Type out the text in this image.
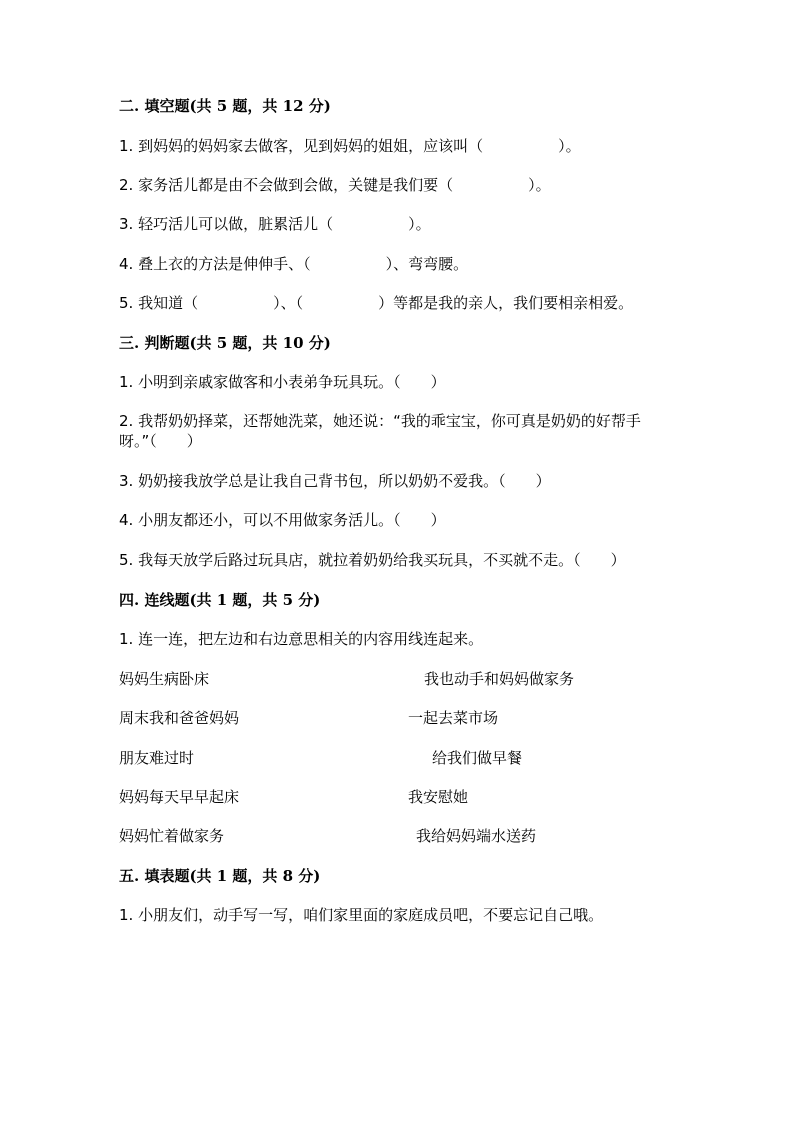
二. 填空题(共 5 题，共 12 分)
1. 到妈妈的妈妈家去做客，见到妈妈的姐姐，应该叫（　　　　　）。
2. 家务活儿都是由不会做到会做，关键是我们要（　　　　　）。
3. 轻巧活儿可以做，脏累活儿（　　　　　）。
4. 叠上衣的方法是伸伸手、（　　　　　）、弯弯腰。
5. 我知道（　　　　　）、（　　　　　）等都是我的亲人，我们要相亲相爱。
三. 判断题(共 5 题，共 10 分)
1. 小明到亲戚家做客和小表弟争玩具玩。（　　）
2. 我帮奶奶择菜，还帮她洗菜，她还说：“我的乖宝宝，你可真是奶奶的好帮手呀。”（　　）
3. 奶奶接我放学总是让我自己背书包，所以奶奶不爱我。（　　）
4. 小朋友都还小，可以不用做家务活儿。（　　）
5. 我每天放学后路过玩具店，就拉着奶奶给我买玩具，不买就不走。（　　）
四. 连线题(共 1 题，共 5 分)
1. 连一连，把左边和右边意思相关的内容用线连起来。
妈妈生病卧床
周末我和爸爸妈妈
朋友难过时
妈妈每天早早起床
妈妈忙着做家务
我也动手和妈妈做家务
一起去菜市场
给我们做早餐
我安慰她
我给妈妈端水送药
五. 填表题(共 1 题，共 8 分)
1. 小朋友们，动手写一写，咱们家里面的家庭成员吧，不要忘记自己哦。
